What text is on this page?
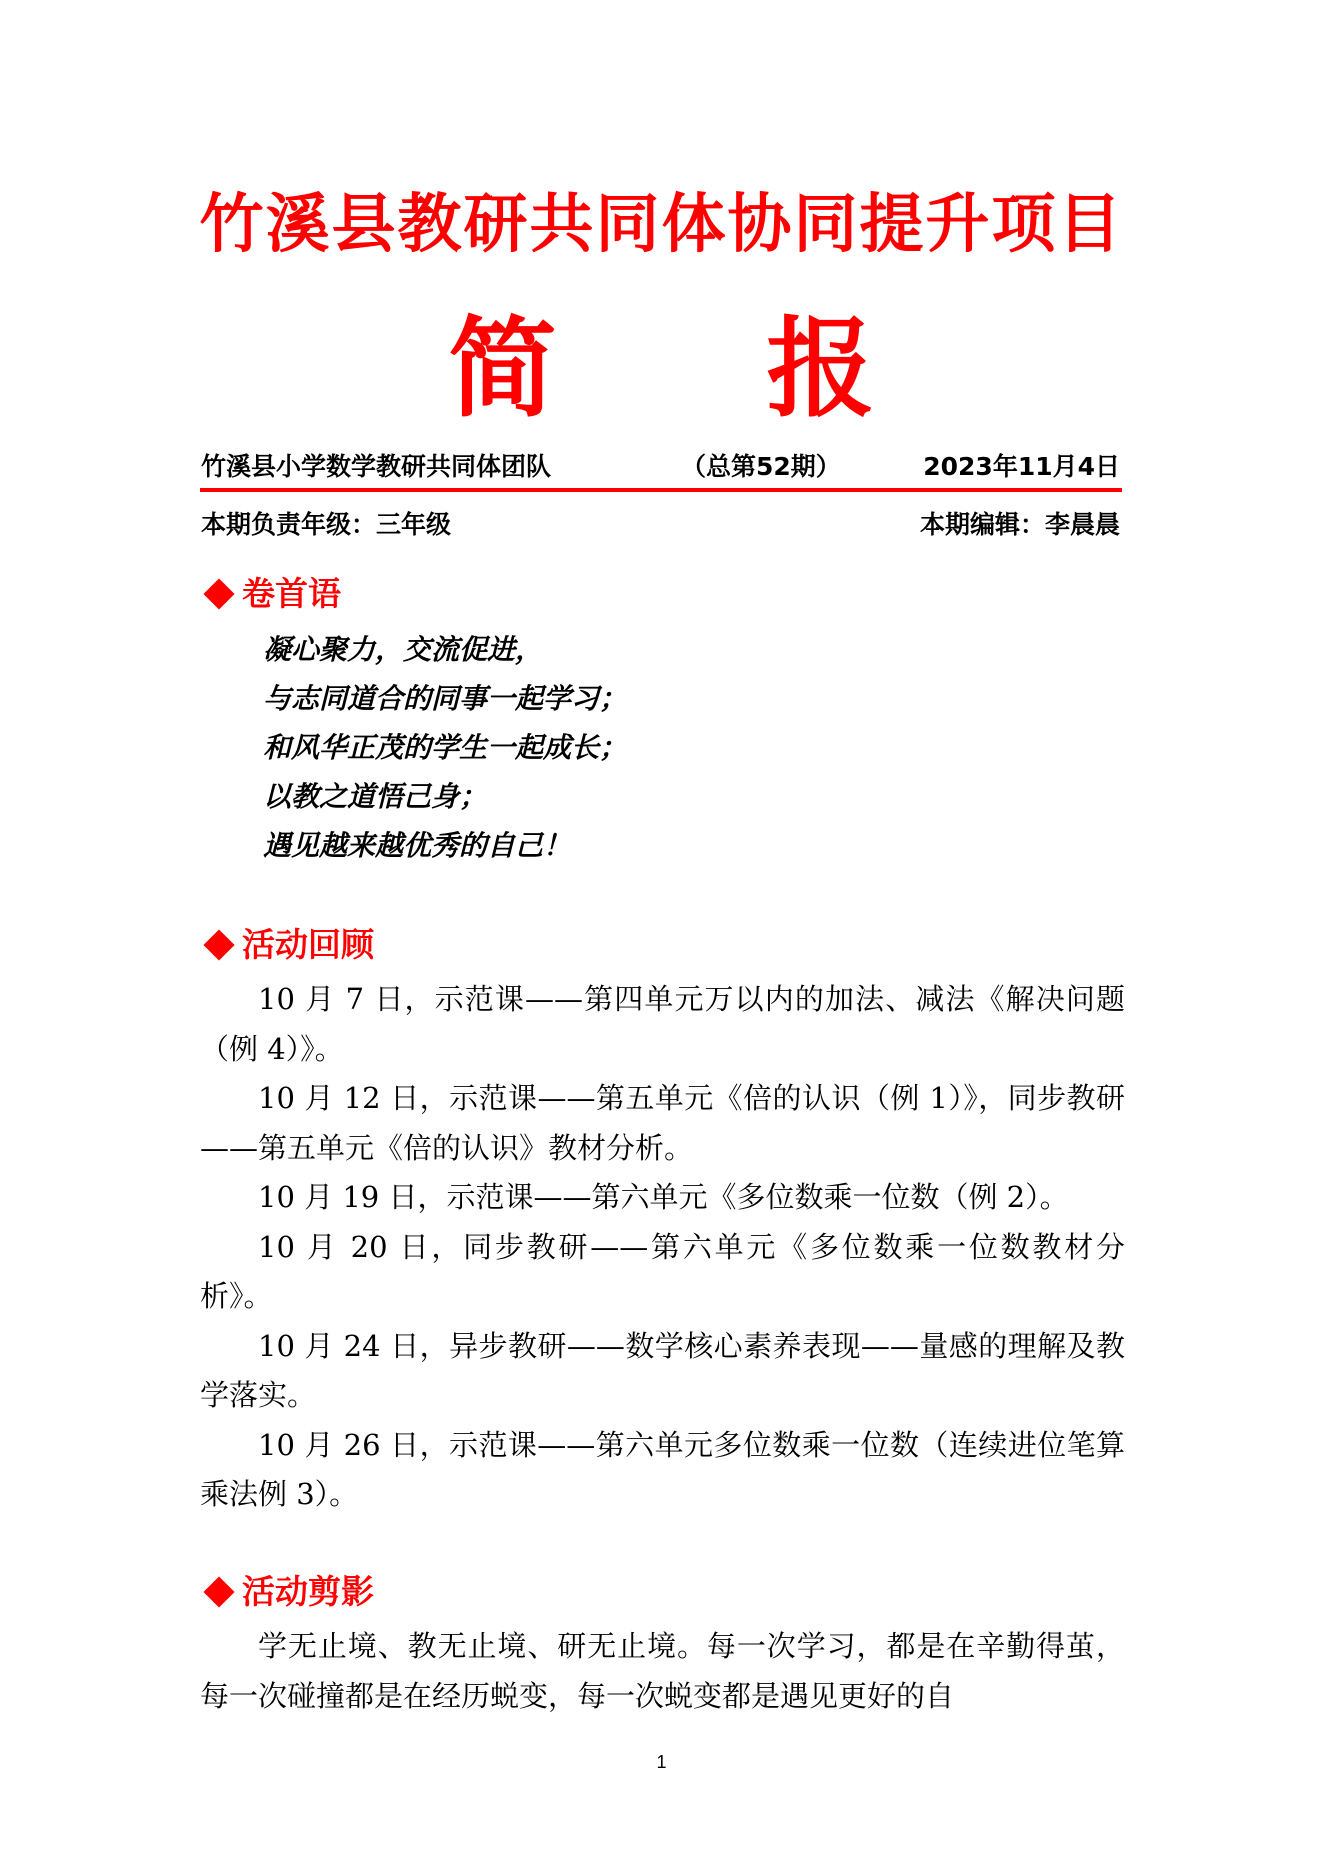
竹溪县教研共同体协同提升项目
简 报
竹溪县小学数学教研共同体团队	（总第52期）	2023年11月4日
本期负责年级：三年级	本期编辑：李晨晨
卷首语
凝心聚力，交流促进，
与志同道合的同事一起学习；
和风华正茂的学生一起成长；
以教之道悟己身；
遇见越来越优秀的自己！
活动回顾

10 月 7 日，示范课——第四单元万以内的加法、减法《解决问题（例 4）》。

10 月 12 日，示范课——第五单元《倍的认识（例 1）》，同步教研——第五单元《倍的认识》教材分析。

10 月 19 日，示范课——第六单元《多位数乘一位数（例 2）。

10 月 20 日，同步教研——第六单元《多位数乘一位数教材分析》。

10 月 24 日，异步教研——数学核心素养表现——量感的理解及教学落实。

10 月 26 日，示范课——第六单元多位数乘一位数（连续进位笔算乘法例 3）。

活动剪影

学无止境、教无止境、研无止境。每一次学习，都是在辛勤得茧，每一次碰撞都是在经历蜕变，每一次蜕变都是遇见更好的自

1
